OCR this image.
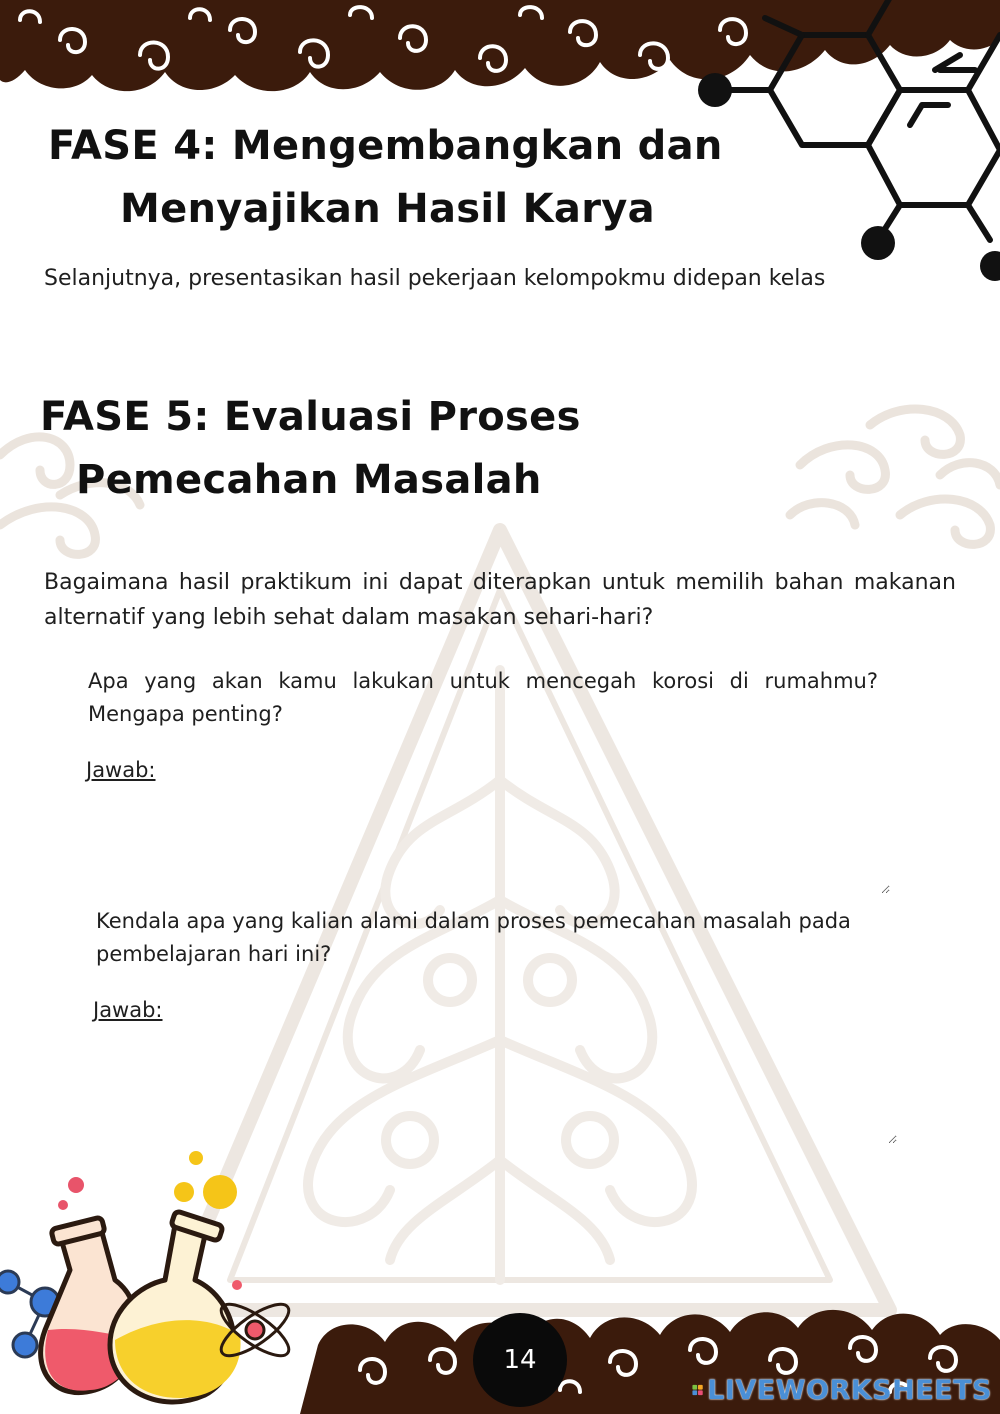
FASE 4: Mengembangkan dan
Menyajikan Hasil Karya

Selanjutnya, presentasikan hasil pekerjaan kelompokmu didepan kelas

FASE 5: Evaluasi Proses
Pemecahan Masalah

Bagaimana hasil praktikum ini dapat diterapkan untuk memilih bahan makanan alternatif yang lebih sehat dalam masakan sehari-hari?

Apa yang akan kamu lakukan untuk mencegah korosi di rumahmu? Mengapa penting?

Jawab:

Kendala apa yang kalian alami dalam proses pemecahan masalah pada pembelajaran hari ini?

Jawab:

14
LIVEWORKSHEETS
